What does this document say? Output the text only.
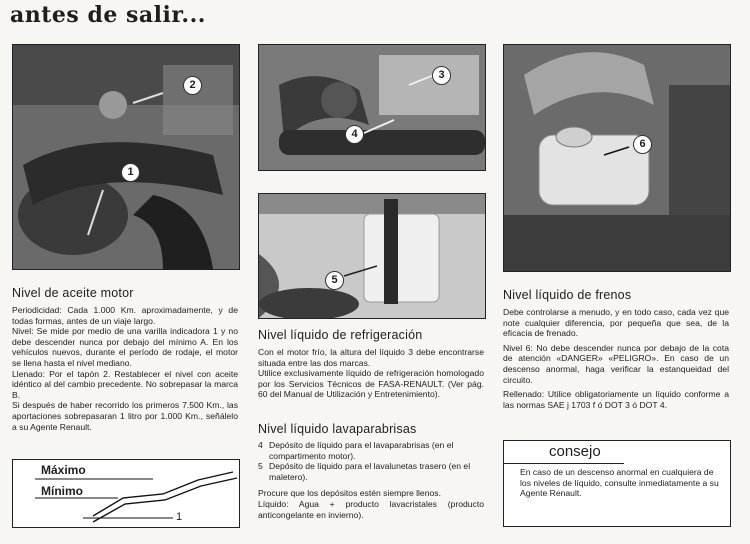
antes de salir...
1
2
3
4
5
6
Nivel de aceite motor

Periodicidad: Cada 1.000 Km. aproximadamente, y de todas formas, antes de un viaje largo.

Nivel: Se mide por medio de una varilla indicadora 1 y no debe descender nunca por debajo del mínimo A. En los vehículos nuevos, durante el período de rodaje, el motor se llena hasta el nivel mediano.

Llenado: Por el tapón 2. Restablecer el nivel con aceite idéntico al del cambio precedente. No sobrepasar la marca B.

Si después de haber recorrido los primeros 7.500 Km., las aportaciones sobrepasaran 1 litro por 1.000 Km., señálelo a su Agente Renault.

Máximo
Mínimo
1
Nivel líquido de refrigeración

Con el motor frío, la altura del líquido 3 debe encontrarse situada entre las dos marcas.

Utilice exclusivamente líquido de refrigeración homologado por los Servicios Técnicos de FASA-RENAULT. (Ver pág. 60 del Manual de Utilización y Entretenimiento).

Nivel líquido lavaparabrisas
4 Depósito de líquido para el lavaparabrisas (en el compartimento motor).
5 Depósito de líquido para el lavalunetas trasero (en el maletero).

Procure que los depósitos estén siempre llenos.

Líquido: Agua + producto lavacristales (producto anticongelante en invierno).

Nivel líquido de frenos

Debe controlarse a menudo, y en todo caso, cada vez que note cualquier diferencia, por pequeña que sea, de la eficacia de frenado.

Nivel 6: No debe descender nunca por debajo de la cota de atención «DANGER» «PELIGRO». En caso de un descenso anormal, haga verificar la estanqueidad del circuito.

Rellenado: Utilice obligatoriamente un líquido conforme a las normas SAE j 1703 f ó DOT 3 ó DOT 4.

consejo
En caso de un descenso anormal en cualquiera de los niveles de líquido, consulte inmediatamente a su Agente Renault.
